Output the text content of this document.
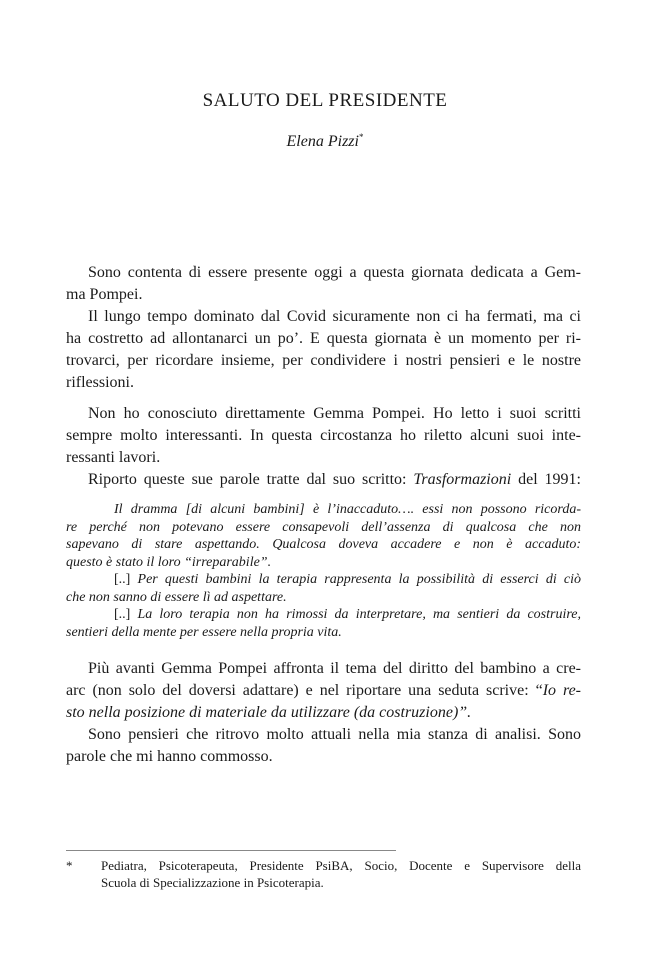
SALUTO DEL PRESIDENTE
Elena Pizzi*
Sono contenta di essere presente oggi a questa giornata dedicata a Gem-
ma Pompei.
Il lungo tempo dominato dal Covid sicuramente non ci ha fermati, ma ci
ha costretto ad allontanarci un po’. E questa giornata è un momento per ri-
trovarci, per ricordare insieme, per condividere i nostri pensieri e le nostre
riflessioni.
Non ho conosciuto direttamente Gemma Pompei. Ho letto i suoi scritti
sempre molto interessanti. In questa circostanza ho riletto alcuni suoi inte-
ressanti lavori.
Riporto queste sue parole tratte dal suo scritto: Trasformazioni del 1991:
Il dramma [di alcuni bambini] è l’inaccaduto…. essi non possono ricorda-
re perché non potevano essere consapevoli dell’assenza di qualcosa che non
sapevano di stare aspettando. Qualcosa doveva accadere e non è accaduto:
questo è stato il loro “irreparabile”.
[..] Per questi bambini la terapia rappresenta la possibilità di esserci di ciò
che non sanno di essere lì ad aspettare.
[..] La loro terapia non ha rimossi da interpretare, ma sentieri da costruire,
sentieri della mente per essere nella propria vita.
Più avanti Gemma Pompei affronta il tema del diritto del bambino a cre-
arc (non solo del doversi adattare) e nel riportare una seduta scrive: “Io re-
sto nella posizione di materiale da utilizzare (da costruzione)”.
Sono pensieri che ritrovo molto attuali nella mia stanza di analisi. Sono
parole che mi hanno commosso.
* Pediatra, Psicoterapeuta, Presidente PsiBA, Socio, Docente e Supervisore della
Scuola di Specializzazione in Psicoterapia.
